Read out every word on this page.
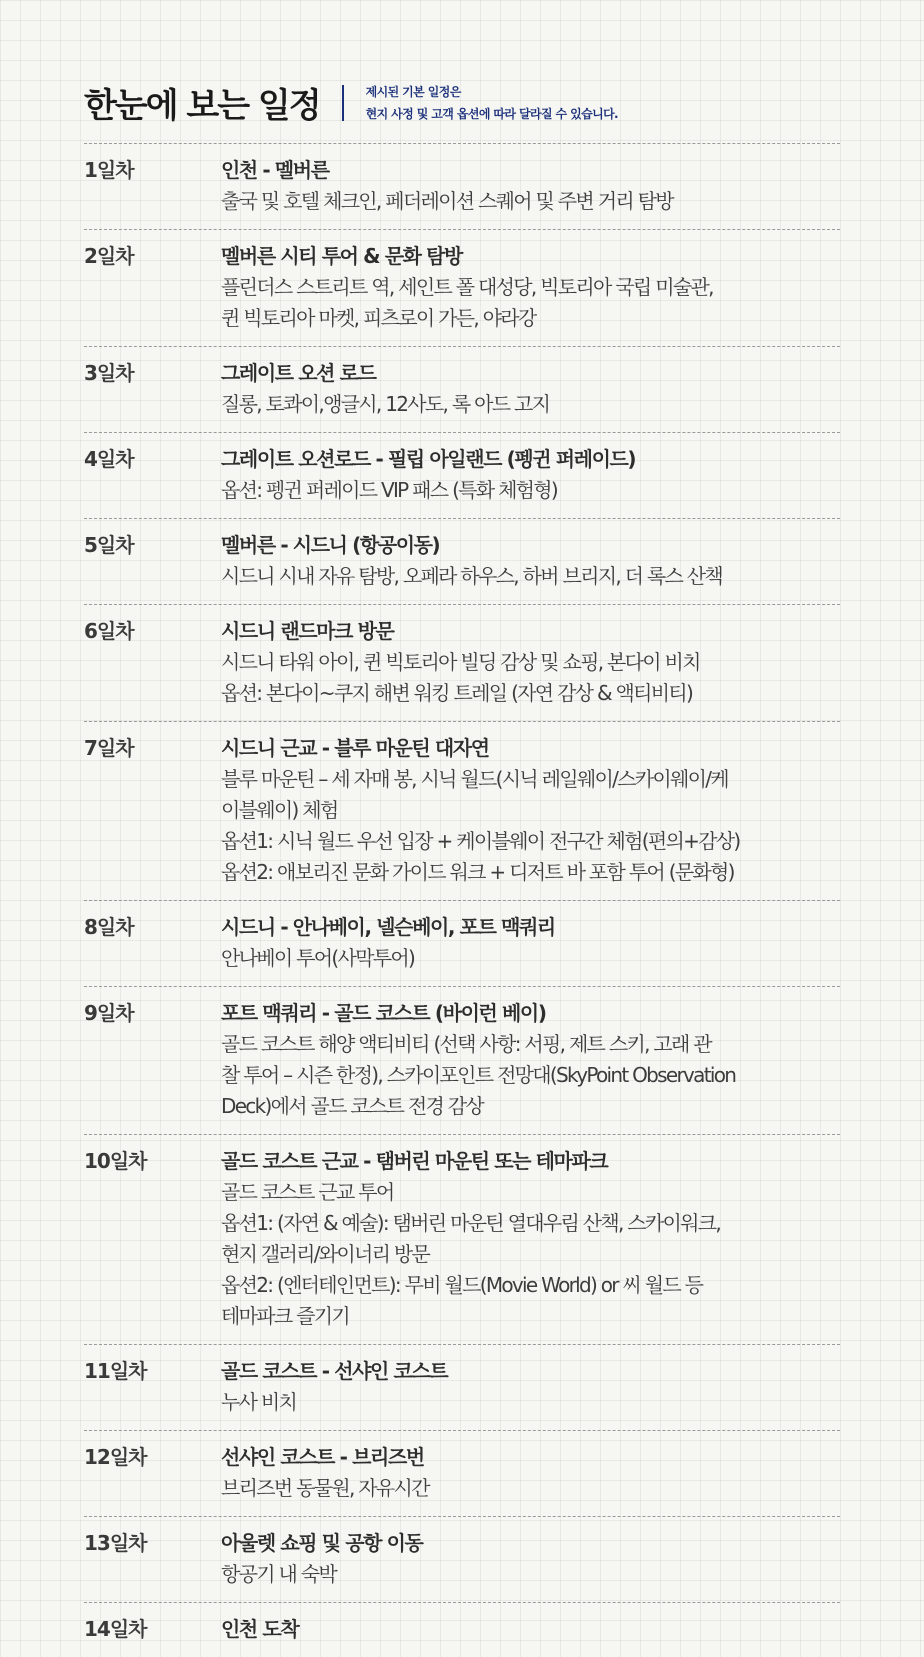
한눈에 보는 일정	제시된 기본 일정은
현지 사정 및 고객 옵션에 따라 달라질 수 있습니다.
1일차	인천 - 멜버른
출국 및 호텔 체크인, 페더레이션 스퀘어 및 주변 거리 탐방
2일차	멜버른 시티 투어 & 문화 탐방
플린더스 스트리트 역, 세인트 폴 대성당, 빅토리아 국립 미술관,
퀸 빅토리아 마켓, 피츠로이 가든, 야라강
3일차	그레이트 오션 로드
질롱, 토콰이,앵글시, 12사도, 록 아드 고지
4일차	그레이트 오션로드 - 필립 아일랜드 (펭귄 퍼레이드)
옵션: 펭귄 퍼레이드 VIP 패스 (특화 체험형)
5일차	멜버른 - 시드니 (항공이동)
시드니 시내 자유 탐방, 오페라 하우스, 하버 브리지, 더 록스 산책
6일차	시드니 랜드마크 방문
시드니 타워 아이, 퀸 빅토리아 빌딩 감상 및 쇼핑, 본다이 비치
옵션: 본다이~쿠지 해변 워킹 트레일 (자연 감상 & 액티비티)
7일차	시드니 근교 - 블루 마운틴 대자연
블루 마운틴 – 세 자매 봉, 시닉 월드(시닉 레일웨이/스카이웨이/케
이블웨이) 체험
옵션1: 시닉 월드 우선 입장 + 케이블웨이 전구간 체험(편의+감상)
옵션2: 애보리진 문화 가이드 워크 + 디저트 바 포함 투어 (문화형)
8일차	시드니 - 안나베이, 넬슨베이, 포트 맥쿼리
안나베이 투어(사막투어)
9일차	포트 맥쿼리 - 골드 코스트 (바이런 베이)
골드 코스트 해양 액티비티 (선택 사항: 서핑, 제트 스키, 고래 관
찰 투어 – 시즌 한정), 스카이포인트 전망대(SkyPoint Observation
Deck)에서 골드 코스트 전경 감상
10일차	골드 코스트 근교 - 탬버린 마운틴 또는 테마파크
골드 코스트 근교 투어
옵션1: (자연 & 예술): 탬버린 마운틴 열대우림 산책, 스카이워크,
현지 갤러리/와이너리 방문
옵션2: (엔터테인먼트): 무비 월드(Movie World) or 씨 월드 등
테마파크 즐기기
11일차	골드 코스트 - 선샤인 코스트
누사 비치
12일차	선샤인 코스트 - 브리즈번
브리즈번 동물원, 자유시간
13일차	아울렛 쇼핑 및 공항 이동
항공기 내 숙박
14일차	인천 도착
